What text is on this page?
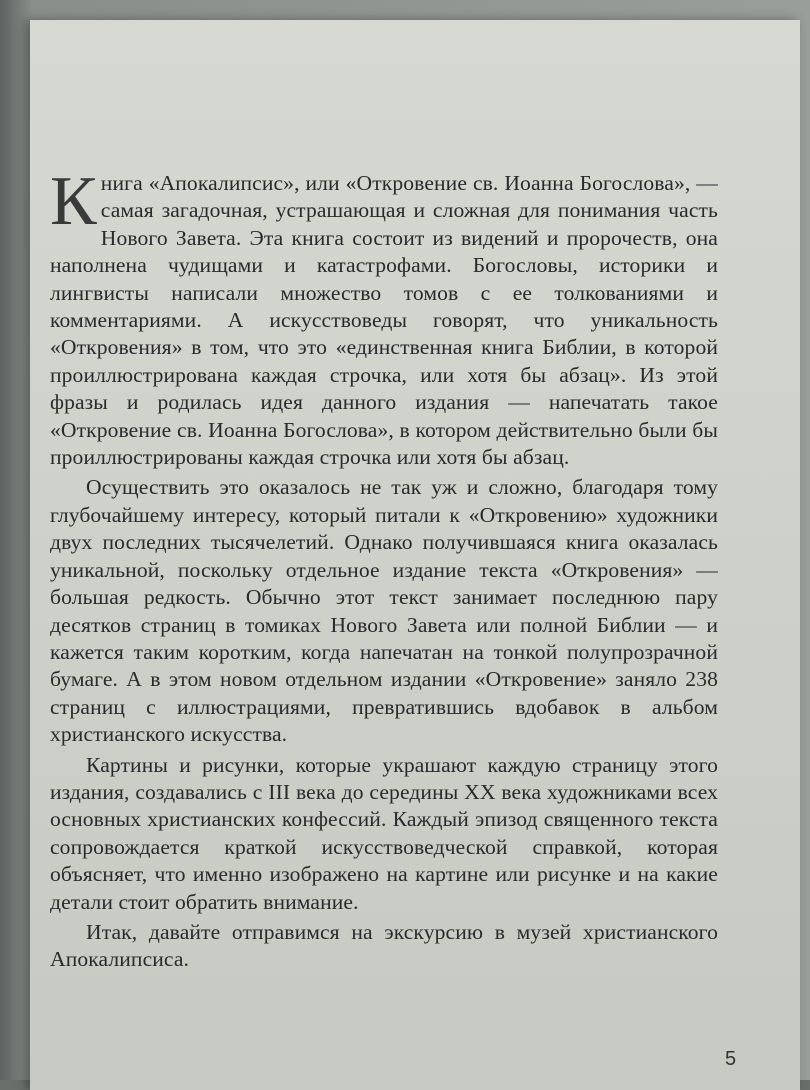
Книга «Апокалипсис», или «Откровение св. Иоанна Богослова», — самая загадочная, устрашающая и сложная для понимания часть Нового Завета. Эта книга состоит из видений и пророчеств, она наполнена чудищами и катастрофами. Богословы, историки и лингвисты написали множество томов с ее толкованиями и комментариями. А искусствоведы говорят, что уникальность «Откровения» в том, что это «единственная книга Библии, в которой проиллюстрирована каждая строчка, или хотя бы абзац». Из этой фразы и родилась идея данного издания — напечатать такое «Откровение св. Иоанна Богослова», в котором действительно были бы проиллюстрированы каждая строчка или хотя бы абзац.

Осуществить это оказалось не так уж и сложно, благодаря тому глубочайшему интересу, который питали к «Откровению» художники двух последних тысячелетий. Однако получившаяся книга оказалась уникальной, поскольку отдельное издание текста «Откровения» — большая редкость. Обычно этот текст занимает последнюю пару десятков страниц в томиках Нового Завета или полной Библии — и кажется таким коротким, когда напечатан на тонкой полупрозрачной бумаге. А в этом новом отдельном издании «Откровение» заняло 238 страниц с иллюстрациями, превратившись вдобавок в альбом христианского искусства.

Картины и рисунки, которые украшают каждую страницу этого издания, создавались с III века до середины XX века художниками всех основных христианских конфессий. Каждый эпизод священного текста сопровождается краткой искусствоведческой справкой, которая объясняет, что именно изображено на картине или рисунке и на какие детали стоит обратить внимание.

Итак, давайте отправимся на экскурсию в музей христианского Апокалипсиса.

5
